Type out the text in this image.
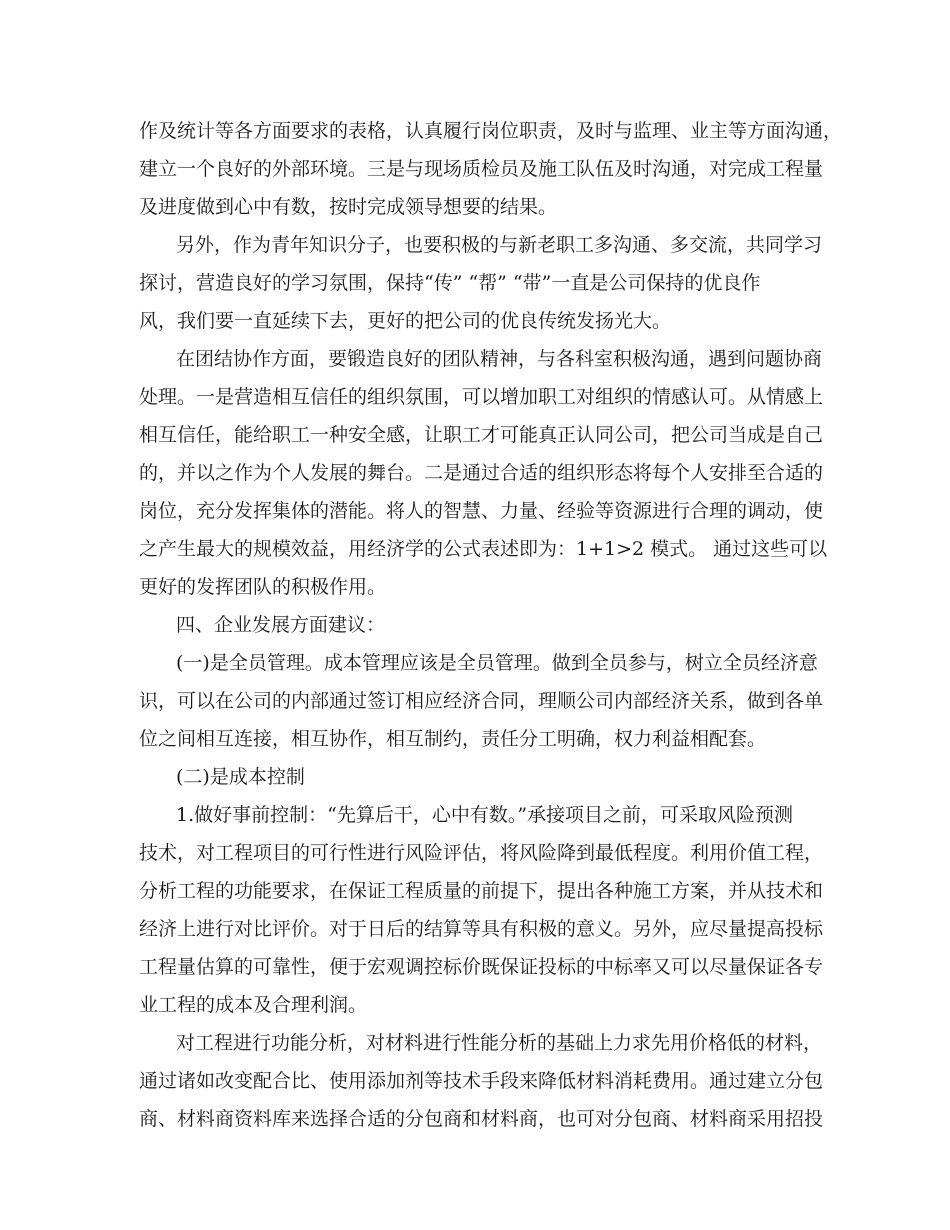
作及统计等各方面要求的表格，认真履行岗位职责，及时与监理、业主等方面沟通，
建立一个良好的外部环境。三是与现场质检员及施工队伍及时沟通，对完成工程量
及进度做到心中有数，按时完成领导想要的结果。
另外，作为青年知识分子，也要积极的与新老职工多沟通、多交流，共同学习
探讨，营造良好的学习氛围，保持“传” “帮” “带”一直是公司保持的优良作
风，我们要一直延续下去，更好的把公司的优良传统发扬光大。
在团结协作方面，要锻造良好的团队精神，与各科室积极沟通，遇到问题协商
处理。一是营造相互信任的组织氛围，可以增加职工对组织的情感认可。从情感上
相互信任，能给职工一种安全感，让职工才可能真正认同公司，把公司当成是自己
的，并以之作为个人发展的舞台。二是通过合适的组织形态将每个人安排至合适的
岗位，充分发挥集体的潜能。将人的智慧、力量、经验等资源进行合理的调动，使
之产生最大的规模效益，用经济学的公式表述即为：1+1>2 模式。 通过这些可以
更好的发挥团队的积极作用。
四、企业发展方面建议：
(一)是全员管理。成本管理应该是全员管理。做到全员参与，树立全员经济意
识，可以在公司的内部通过签订相应经济合同，理顺公司内部经济关系，做到各单
位之间相互连接，相互协作，相互制约，责任分工明确，权力利益相配套。
(二)是成本控制
1.做好事前控制：“先算后干，心中有数。”承接项目之前，可采取风险预测
技术，对工程项目的可行性进行风险评估，将风险降到最低程度。利用价值工程，
分析工程的功能要求，在保证工程质量的前提下，提出各种施工方案，并从技术和
经济上进行对比评价。对于日后的结算等具有积极的意义。另外，应尽量提高投标
工程量估算的可靠性，便于宏观调控标价既保证投标的中标率又可以尽量保证各专
业工程的成本及合理利润。
对工程进行功能分析，对材料进行性能分析的基础上力求先用价格低的材料，
通过诸如改变配合比、使用添加剂等技术手段来降低材料消耗费用。通过建立分包
商、材料商资料库来选择合适的分包商和材料商，也可对分包商、材料商采用招投
